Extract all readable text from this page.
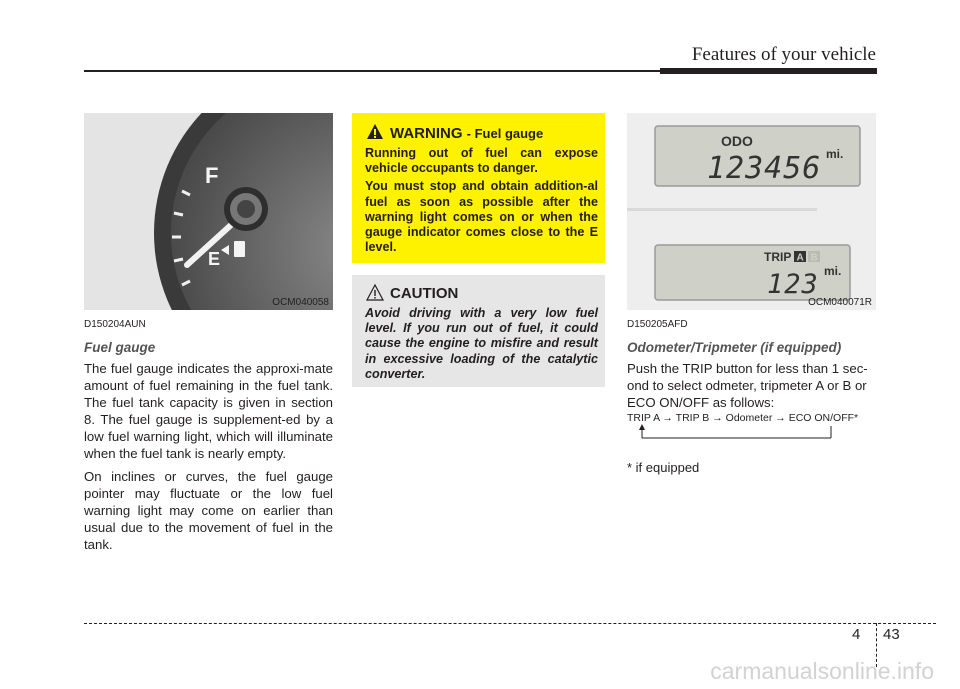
Features of your vehicle
F
E
OCM040058

D150204AUN

Fuel gauge

The fuel gauge indicates the approxi-mate amount of fuel remaining in the fuel tank. The fuel tank capacity is given in section 8. The fuel gauge is supplement-ed by a low fuel warning light, which will illuminate when the fuel tank is nearly empty.

On inclines or curves, the fuel gauge pointer may fluctuate or the low fuel warning light may come on earlier than usual due to the movement of fuel in the tank.

WARNING - Fuel gauge

Running out of fuel can expose vehicle occupants to danger.

You must stop and obtain addition-al fuel as soon as possible after the warning light comes on or when the gauge indicator comes close to the E level.

CAUTION
Avoid driving with a very low fuel level. If you run out of fuel, it could cause the engine to misfire and result in excessive loading of the catalytic converter.
ODO
123456 mi.
TRIP A B
123 mi.
OCM040071R

D150205AFD

Odometer/Tripmeter (if equipped)

Push the TRIP button for less than 1 sec-ond to select odmeter, tripmeter A or B or ECO ON/OFF as follows:

TRIP A → TRIP B → Odometer → ECO ON/OFF*
* if equipped
4 43
carmanualsonline.info
